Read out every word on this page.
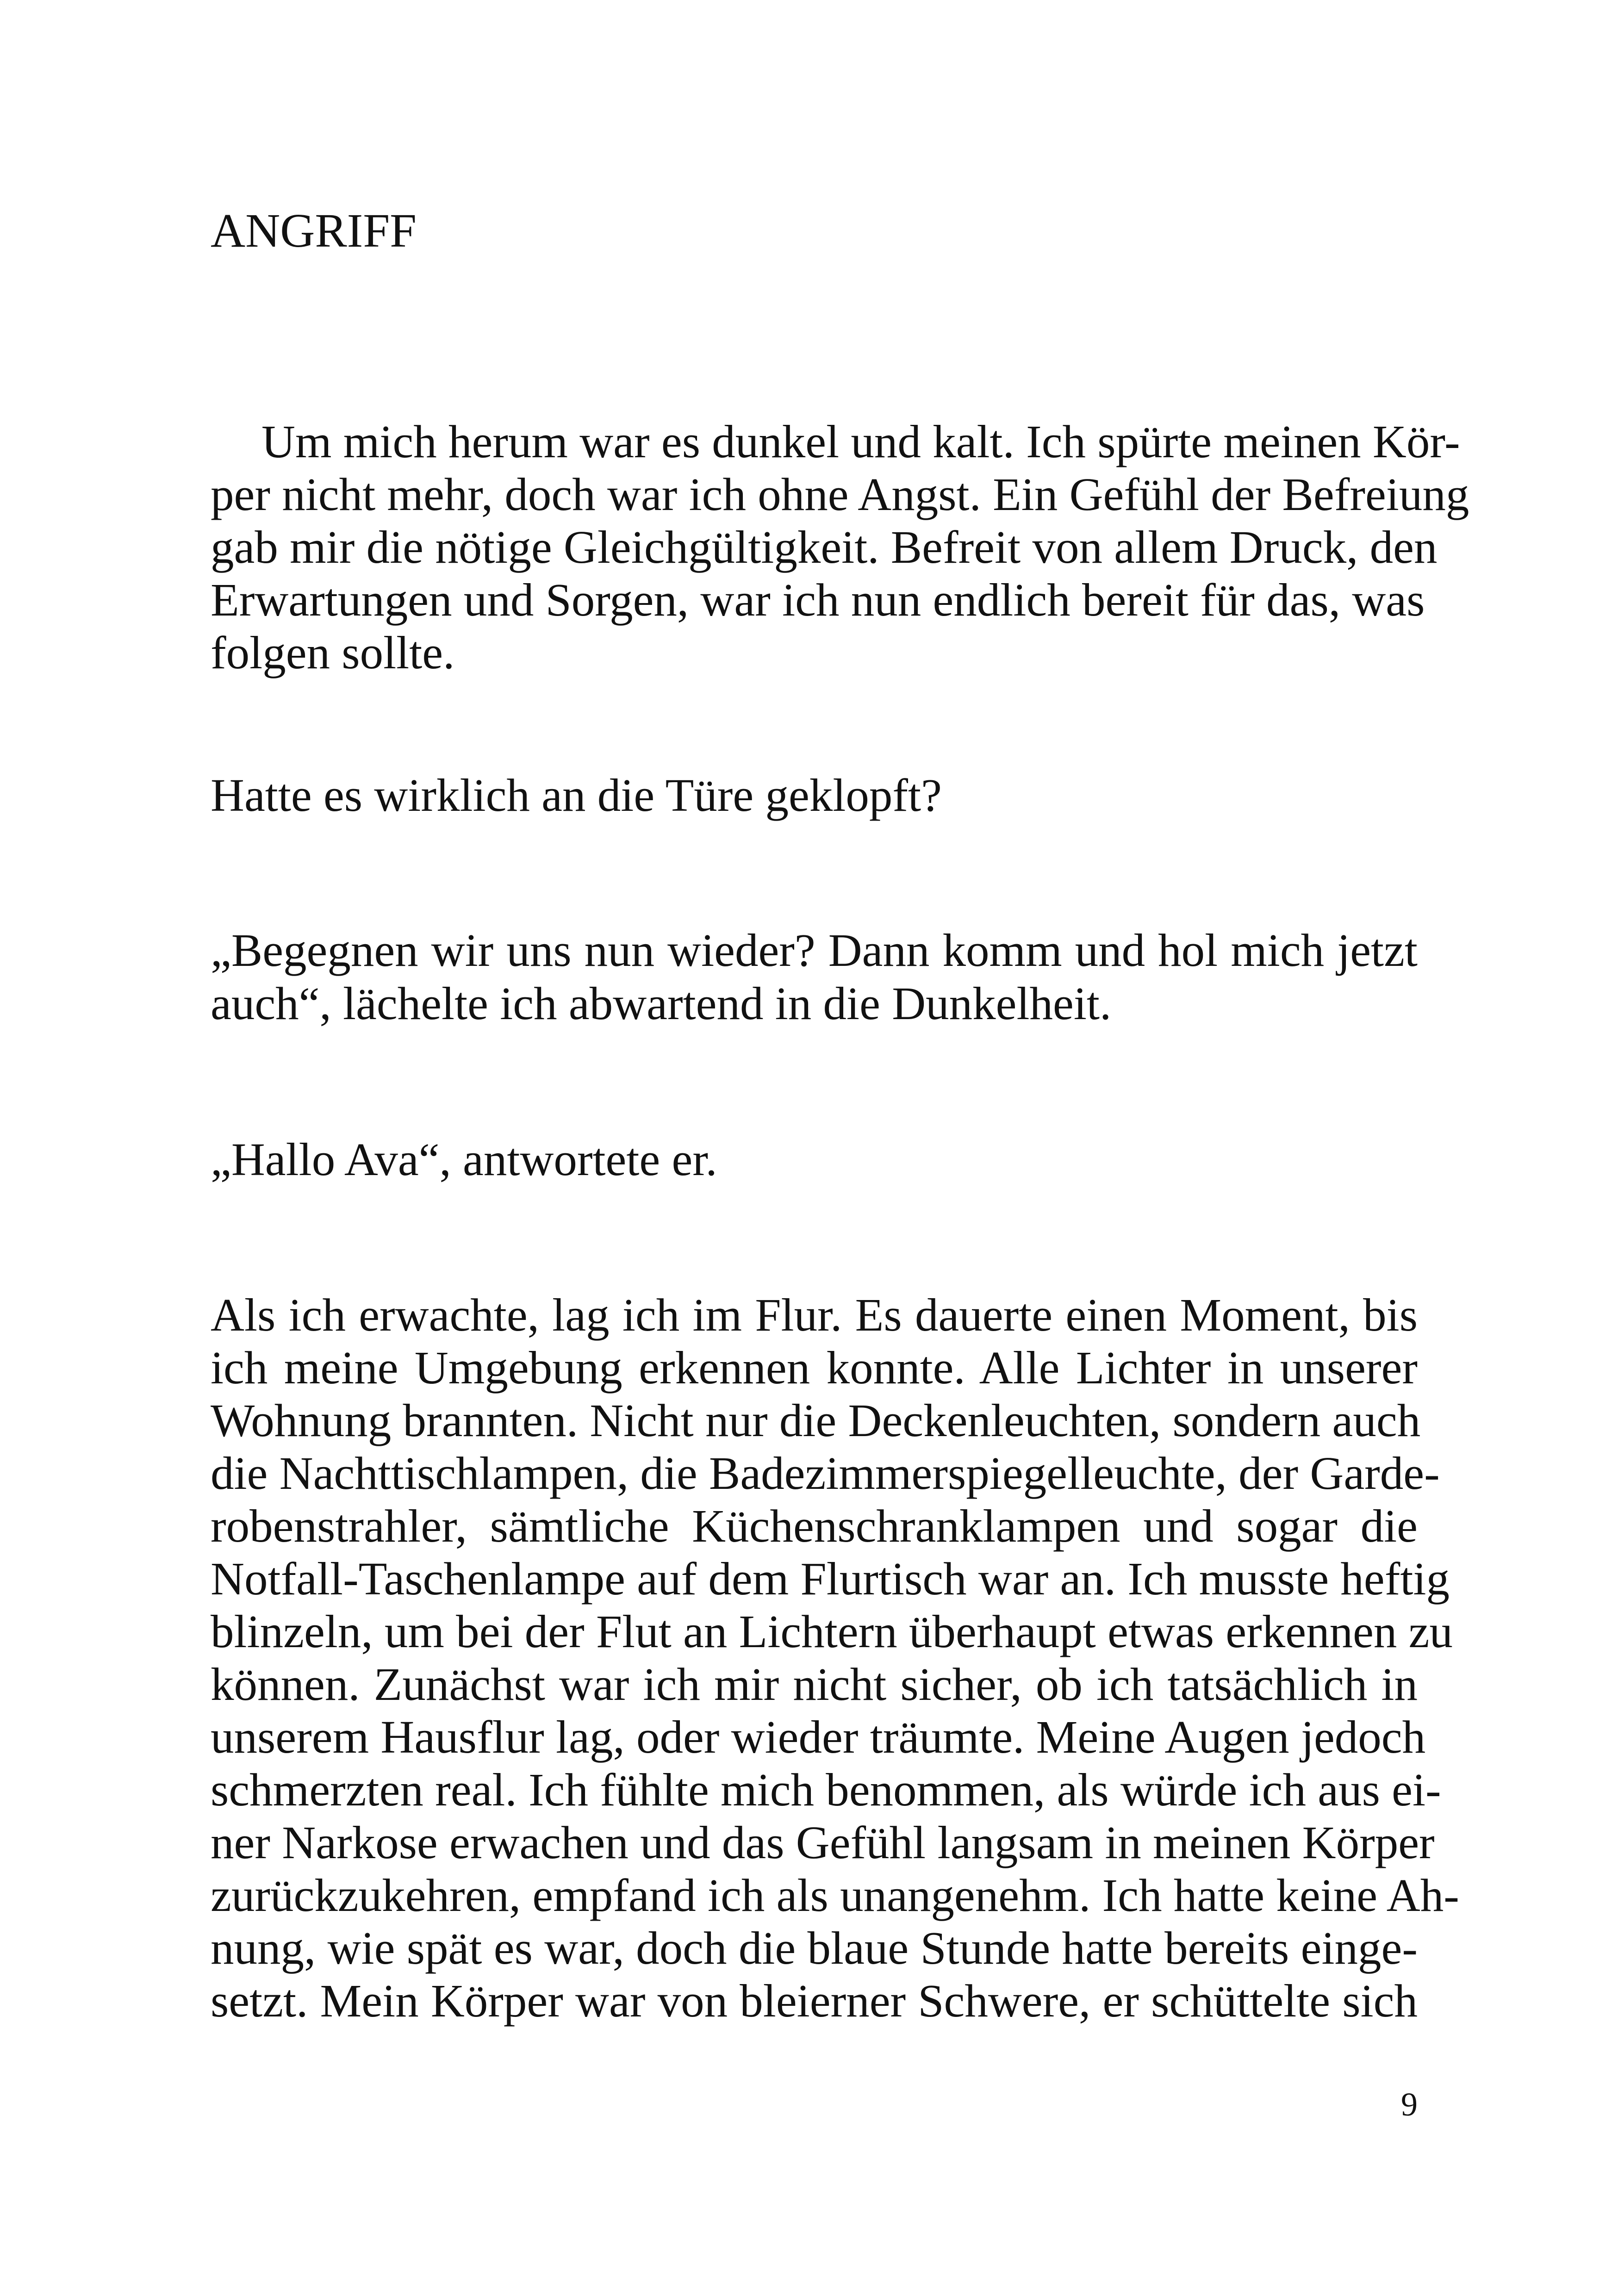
ANGRIFF

Um mich herum war es dunkel und kalt. Ich spürte meinen Kör-

per nicht mehr, doch war ich ohne Angst. Ein Gefühl der Befreiung

gab mir die nötige Gleichgültigkeit. Befreit von allem Druck, den

Erwartungen und Sorgen, war ich nun endlich bereit für das, was

folgen sollte.

Hatte es wirklich an die Türe geklopft?

„Begegnen wir uns nun wieder? Dann komm und hol mich jetzt

auch“, lächelte ich abwartend in die Dunkelheit.

„Hallo Ava“, antwortete er.

Als ich erwachte, lag ich im Flur. Es dauerte einen Moment, bis

ich meine Umgebung erkennen konnte. Alle Lichter in unserer

Wohnung brannten. Nicht nur die Deckenleuchten, sondern auch

die Nachttischlampen, die Badezimmerspiegelleuchte, der Garde-

robenstrahler, sämtliche Küchenschranklampen und sogar die

Notfall-Taschenlampe auf dem Flurtisch war an. Ich musste heftig

blinzeln, um bei der Flut an Lichtern überhaupt etwas erkennen zu

können. Zunächst war ich mir nicht sicher, ob ich tatsächlich in

unserem Hausflur lag, oder wieder träumte. Meine Augen jedoch

schmerzten real. Ich fühlte mich benommen, als würde ich aus ei-

ner Narkose erwachen und das Gefühl langsam in meinen Körper

zurückzukehren, empfand ich als unangenehm. Ich hatte keine Ah-

nung, wie spät es war, doch die blaue Stunde hatte bereits einge-

setzt. Mein Körper war von bleierner Schwere, er schüttelte sich

9
